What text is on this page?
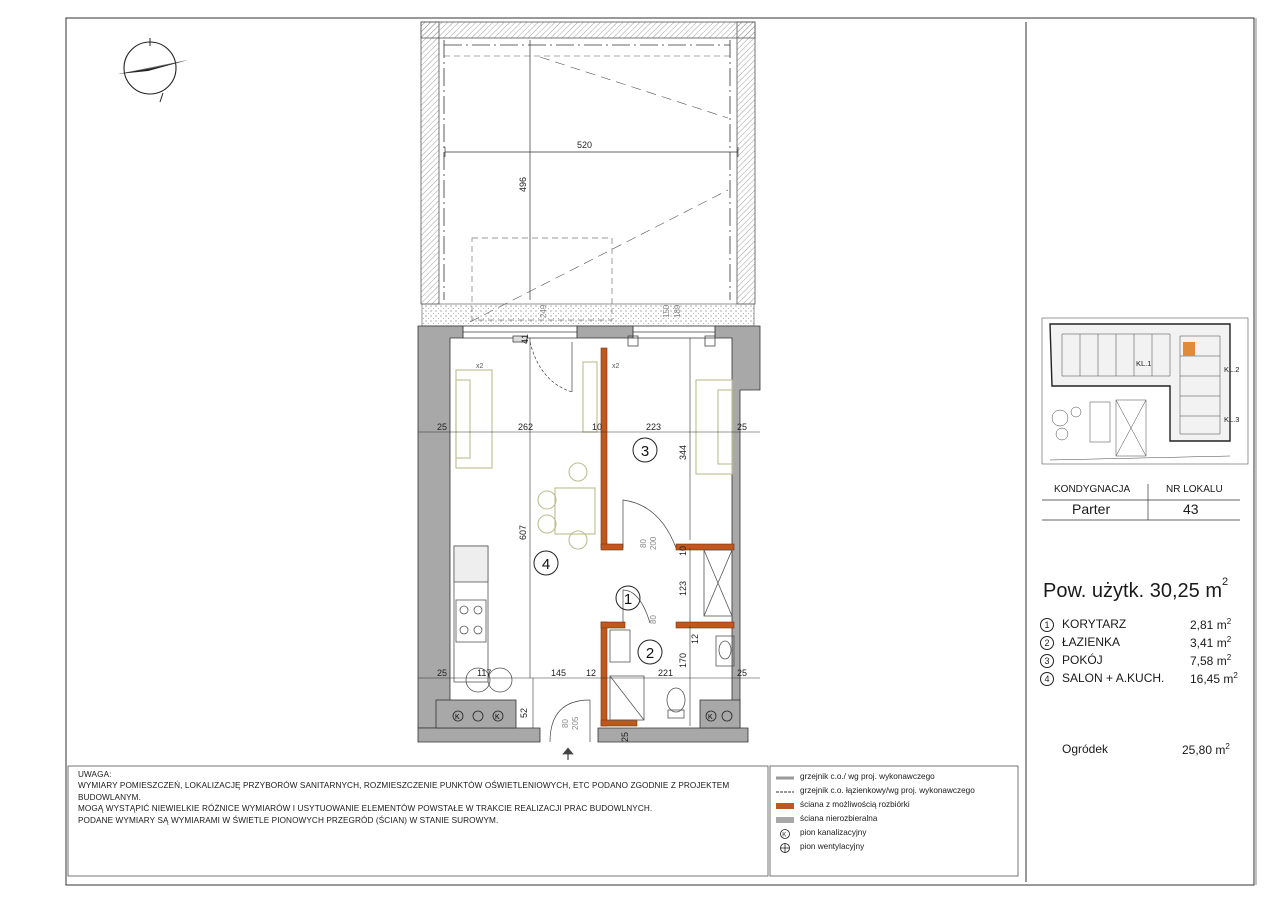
K	K	K
520
496
41
249	150 189
x2	x2
25	262	10	223	25
344
607
80 200
10
123
80
12
170
25	117	145 12	221	25
52
80 205
25
3
4
1
2
KL.1
KL.2
KL.3
KONDYGNACJA	NR LOKALU
Parter	43
Pow. użytk. 30,25 $m^2$
1	KORYTARZ	2,81 $m^2$
2	ŁAZIENKA	3,41 $m^2$
3	POKÓJ	7,58 $m^2$
4	SALON + A.KUCH. 16,45 $m^2$
Ogródek	25,80 $m^2$
UWAGA:
WYMIARY POMIESZCZEŃ, LOKALIZACJĘ PRZYBORÓW SANITARNYCH, ROZMIESZCZENIE PUNKTÓW OŚWIETLENIOWYCH, ETC PODANO ZGODNIE Z PROJEKTEM
BUDOWLANYM.
MOGĄ WYSTĄPIĆ NIEWIELKIE RÓŻNICE WYMIARÓW I USYTUOWANIE ELEMENTÓW POWSTAŁE W TRAKCIE REALIZACJI PRAC BUDOWLNYCH.
PODANE WYMIARY SĄ WYMIARAMI W ŚWIETLE PIONOWYCH PRZEGRÓD (ŚCIAN) W STANIE SUROWYM.
grzejnik c.o./ wg proj. wykonawczego
grzejnik c.o. łązienkowy/wg proj. wykonawczego
ściana z możliwością rozbiórki
ściana nierozbieralna
K pion kanalizacyjny
pion wentylacyjny
